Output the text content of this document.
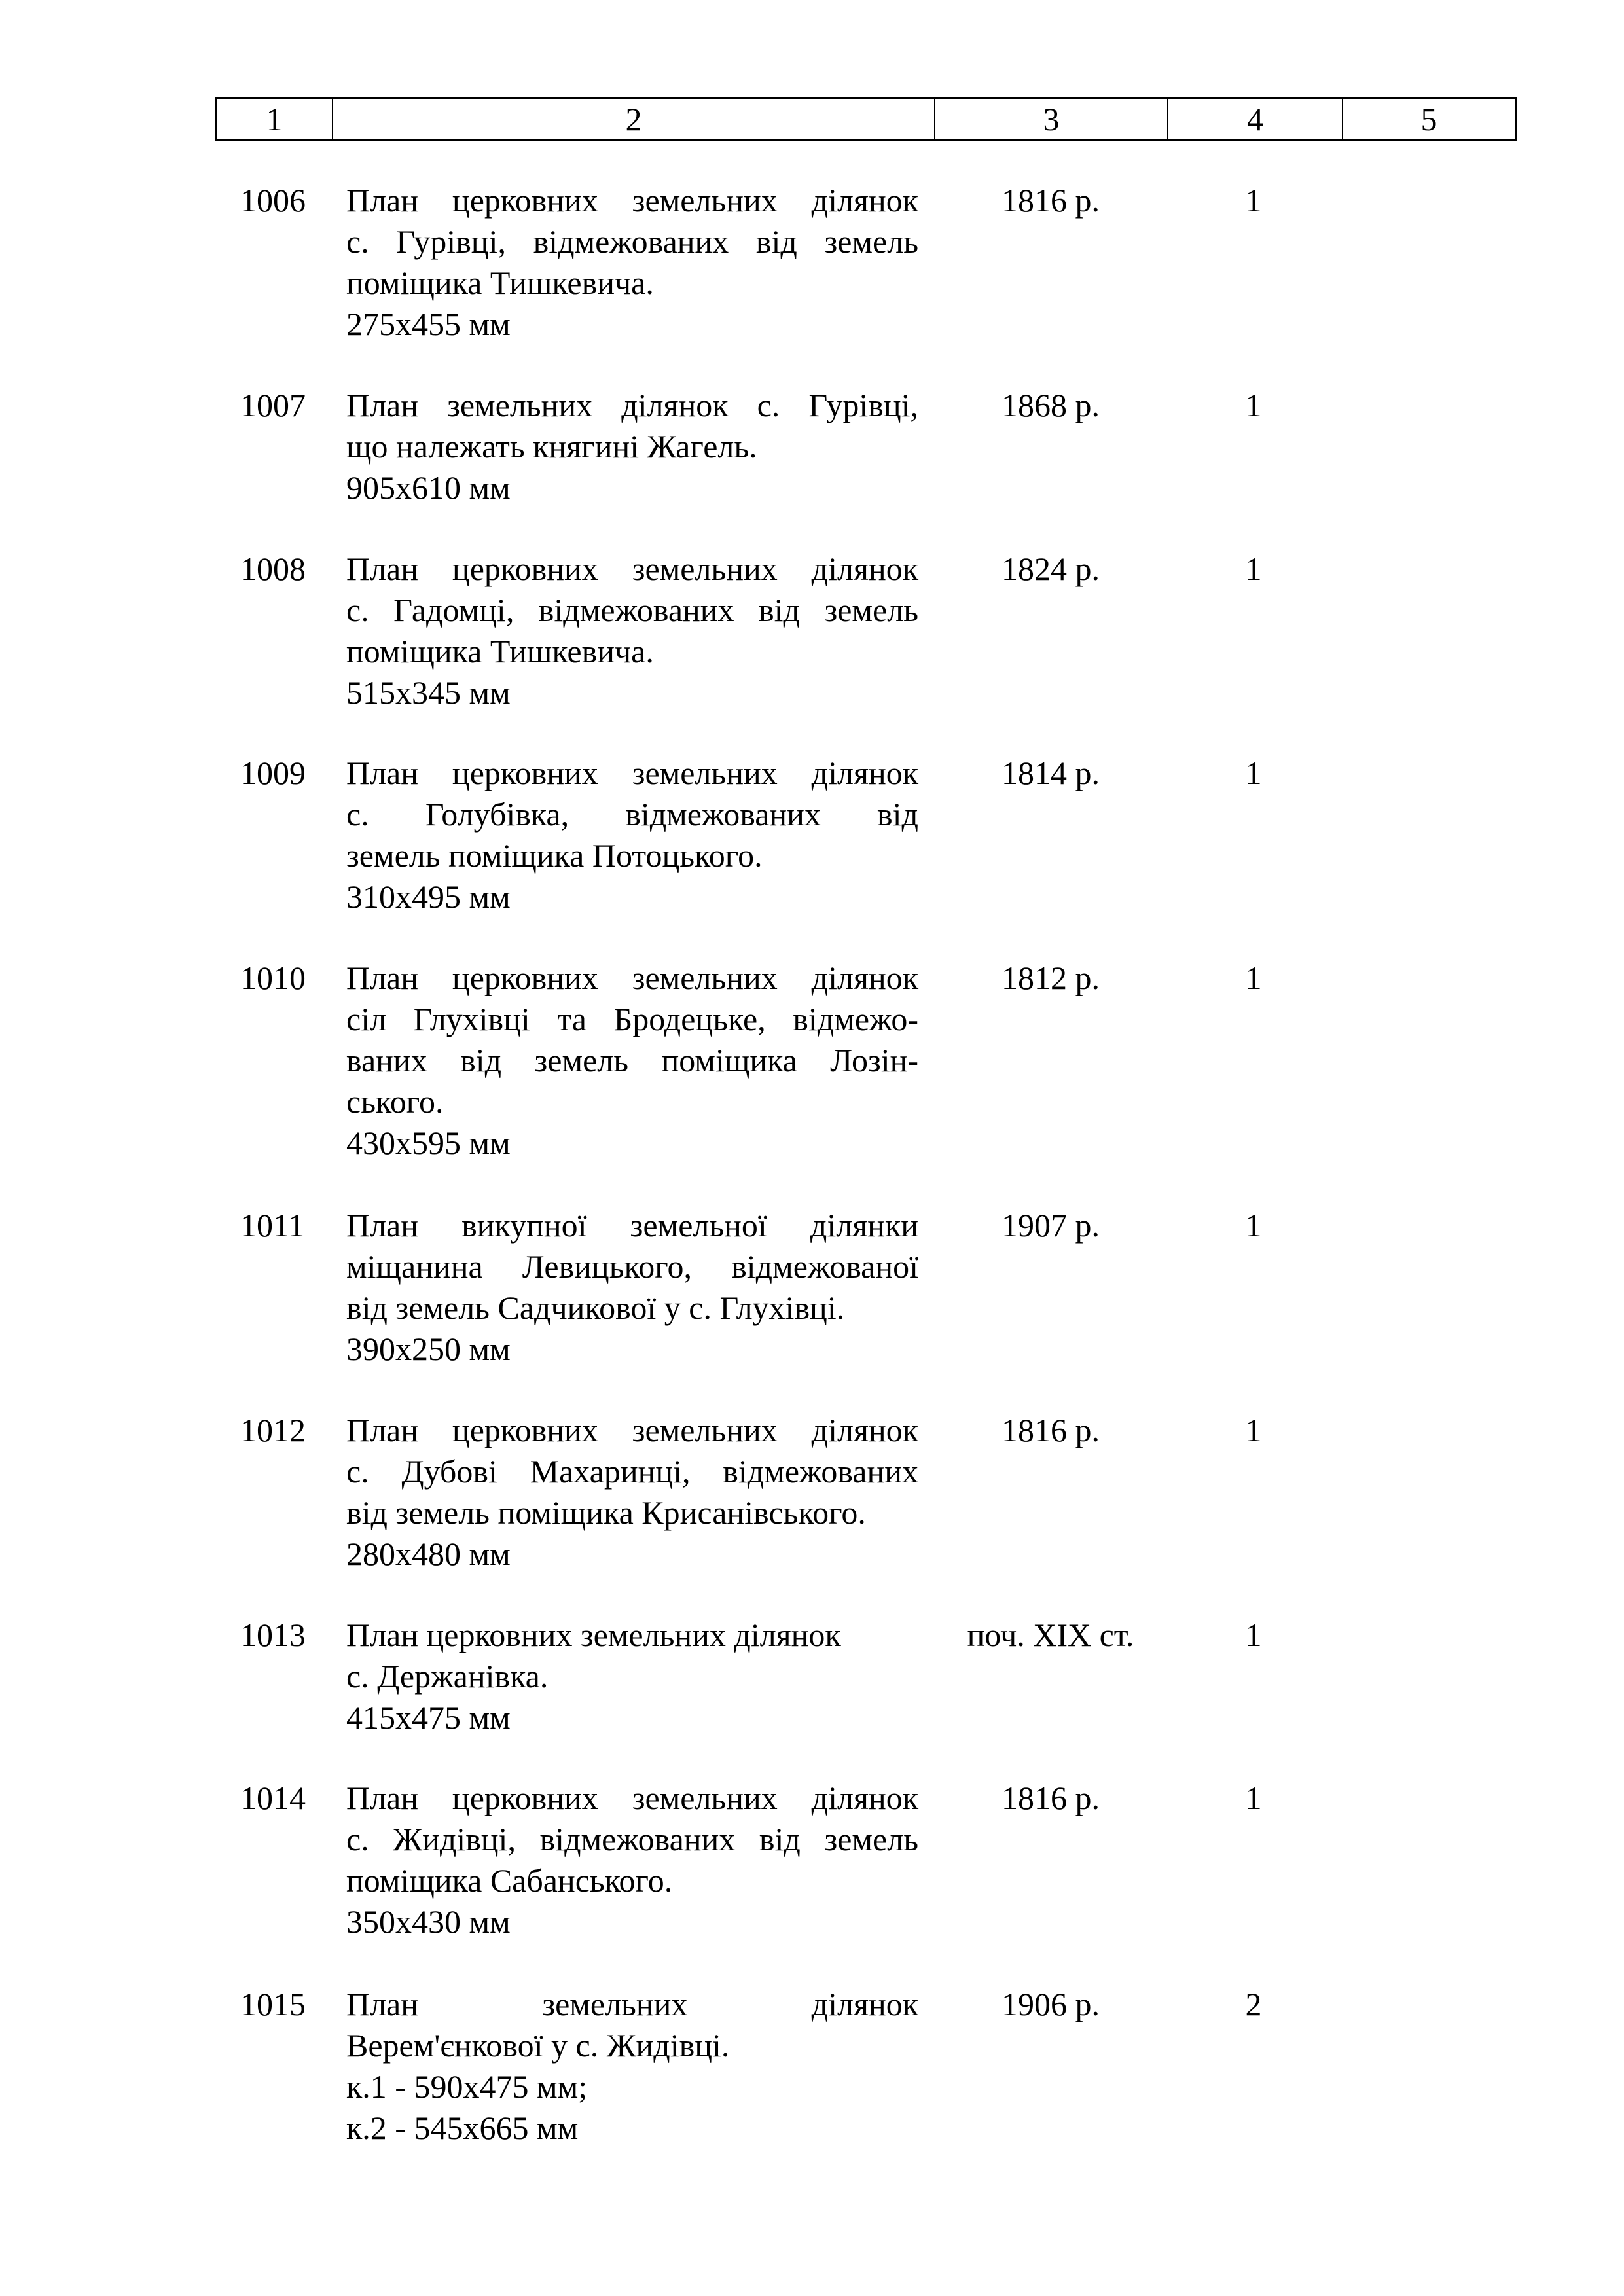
1	2	3	4	5
1006 План церковних земельних ділянок
с. Гурівці, відмежованих від земель
поміщика Тишкевича.
275х455 мм
1816 р.	1
1007 План земельних ділянок с. Гурівці,
що належать княгині Жагель.
905х610 мм
1868 р.	1
1008 План церковних земельних ділянок
с. Гадомці, відмежованих від земель
поміщика Тишкевича.
515х345 мм
1824 р.	1
1009 План церковних земельних ділянок
с. Голубівка, відмежованих від
земель поміщика Потоцького.
310х495 мм
1814 р.	1
1010 План церковних земельних ділянок
сіл Глухівці та Бродецьке, відмежо-
ваних від земель поміщика Лозін-
ського.
430х595 мм
1812 р.	1
1011 План викупної земельної ділянки
міщанина Левицького, відмежованої
від земель Садчикової у с. Глухівці.
390х250 мм
1907 р.	1
1012 План церковних земельних ділянок
с. Дубові Махаринці, відмежованих
від земель поміщика Крисанівського.
280х480 мм
1816 р.	1
1013 План церковних земельних ділянок
с. Держанівка.
415х475 мм
поч. XIX ст.	1
1014 План церковних земельних ділянок
с. Жидівці, відмежованих від земель
поміщика Сабанського.
350х430 мм
1816 р.	1
1015 План земельних ділянок
Верем'єнкової у с. Жидівці.
к.1 - 590х475 мм;
к.2 - 545х665 мм
1906 р.	2
